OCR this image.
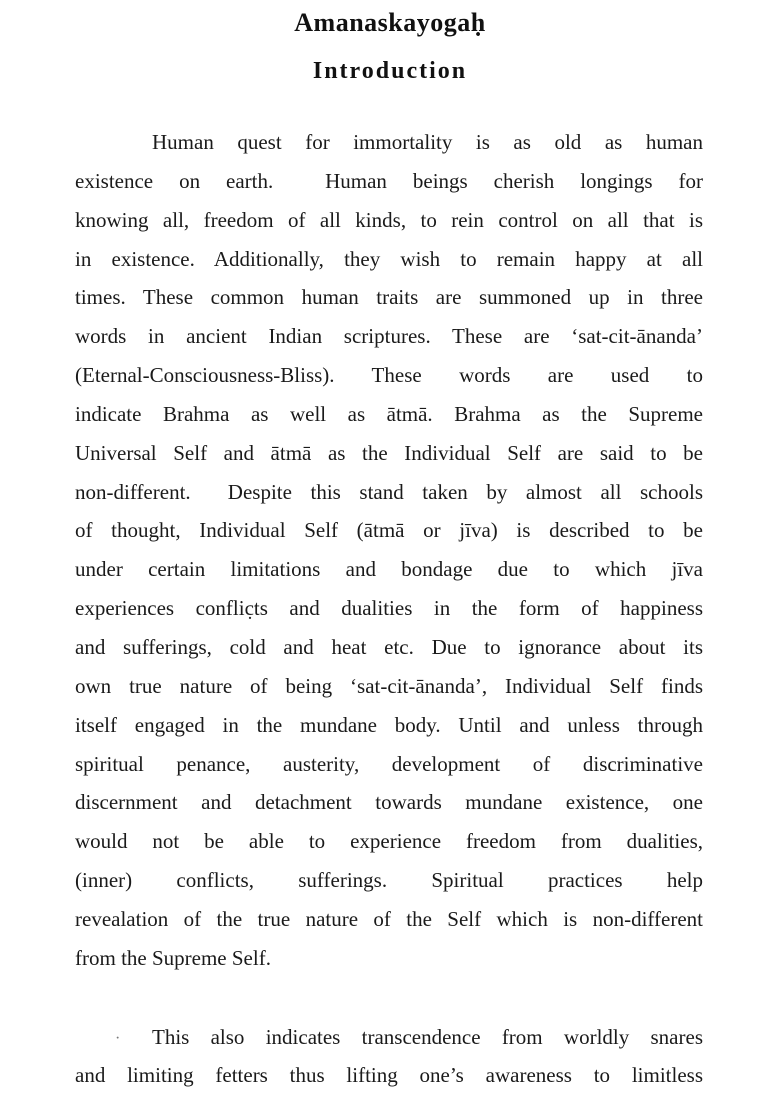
Amanaskayogaḥ
Introduction
Human quest for immortality is as old as human
existence on earth.  Human beings cherish longings for
knowing all, freedom of all kinds, to rein control on all that is
in existence. Additionally, they wish to remain happy at all
times. These common human traits are summoned up in three
words in ancient Indian scriptures. These are ‘sat-cit-ānanda’
(Eternal-Consciousness-Bliss). These words are used to
indicate Brahma as well as ātmā. Brahma as the Supreme
Universal Self and ātmā as the Individual Self are said to be
non-different.  Despite this stand taken by almost all schools
of thought, Individual Self (ātmā or jīva) is described to be
under certain limitations and bondage due to which jīva
experiences conflic̣ts and dualities in the form of happiness
and sufferings, cold and heat etc. Due to ignorance about its
own true nature of being ‘sat-cit-ānanda’, Individual Self finds
itself engaged in the mundane body. Until and unless through
spiritual penance, austerity, development of discriminative
discernment and detachment towards mundane existence, one
would not be able to experience freedom from dualities,
(inner) conflicts, sufferings. Spiritual practices help
revealation of the true nature of the Self which is non-different
from the Supreme Self.
·	This also indicates transcendence from worldly snares
and limiting fetters thus lifting one’s awareness to limitless
